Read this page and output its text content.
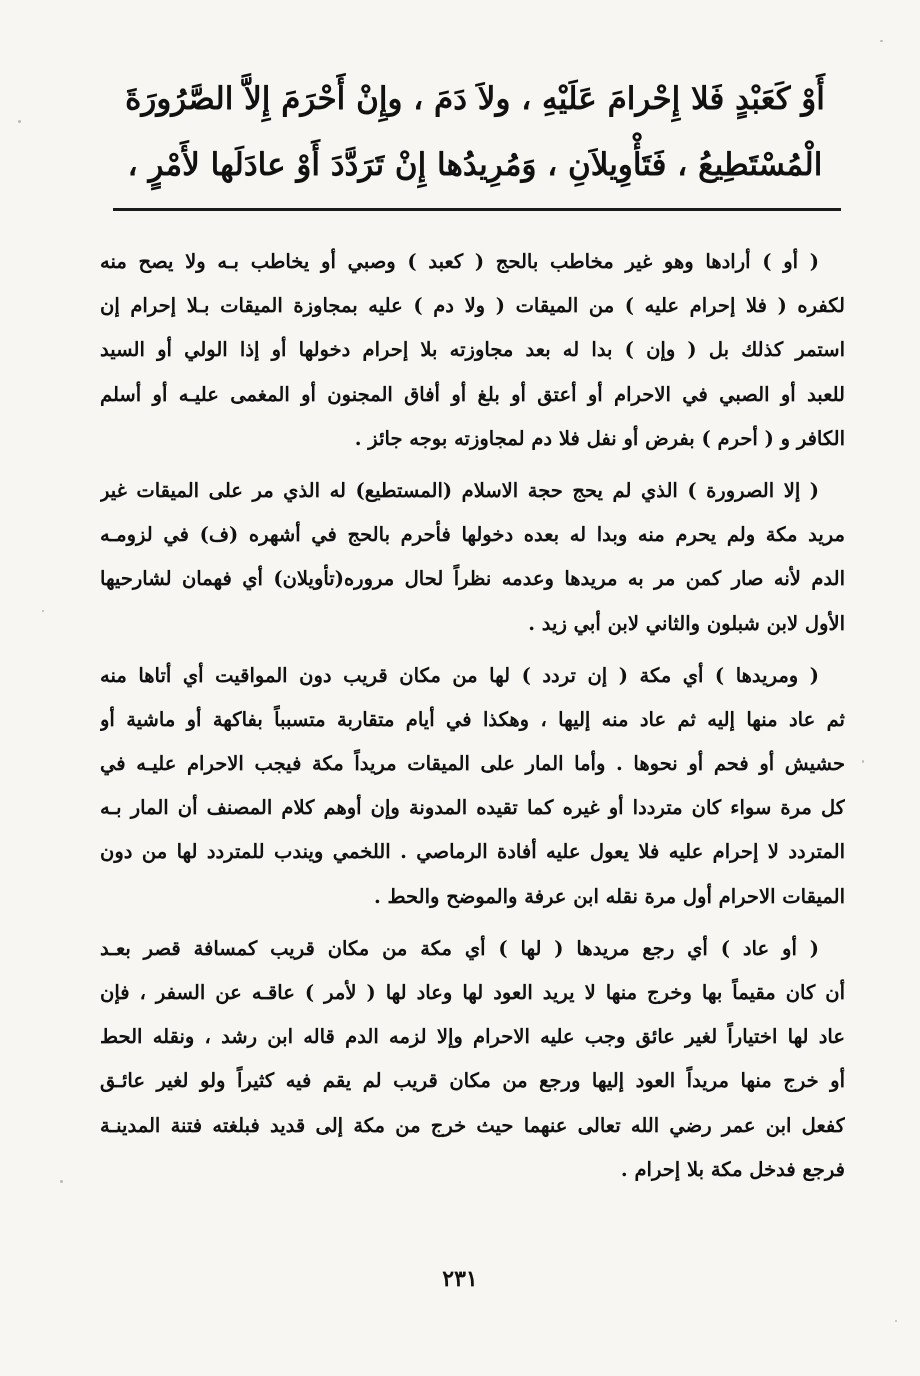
أَوْ كَعَبْدٍ فَلا إِحْرامَ عَلَيْهِ ، ولاَ دَمَ ، وإِنْ أَحْرَمَ إِلاَّ الصَّرُورَةَ
الْمُسْتَطِيعُ ، فَتَأْوِيلاَنِ ، وَمُرِيدُها إِنْ تَرَدَّدَ أَوْ عادَلَها لأَمْرٍ ،
( أو ) أرادها وهو غير مخاطب بالحج ( كعبد ) وصبي أو يخاطب بـه ولا يصح منه
لكفره ( فلا إحرام عليه ) من الميقات ( ولا دم ) عليه بمجاوزة الميقات بـلا إحرام إن
استمر كذلك بل ( وإن ) بدا له بعد مجاوزته بلا إحرام دخولها أو إذا الولي أو السيد
للعبد أو الصبي في الاحرام أو أعتق أو بلغ أو أفاق المجنون أو المغمى عليـه أو أسلم
الكافر و ( أحرم ) بفرض أو نفل فلا دم لمجاوزته بوجه جائز .
( إلا الصرورة ) الذي لم يحج حجة الاسلام (المستطيع) له الذي مر على الميقات غير
مريد مكة ولم يحرم منه وبدا له بعده دخولها فأحرم بالحج في أشهره (ف) في لزومـه
الدم لأنه صار كمن مر به مريدها وعدمه نظراً لحال مروره(تأويلان) أي فهمان لشارحيها
الأول لابن شبلون والثاني لابن أبي زيد .
( ومريدها ) أي مكة ( إن تردد ) لها من مكان قريب دون المواقيت أي أتاها منه
ثم عاد منها إليه ثم عاد منه إليها ، وهكذا في أيام متقاربة متسبباً بفاكهة أو ماشية أو
حشيش أو فحم أو نحوها . وأما المار على الميقات مريداً مكة فيجب الاحرام عليـه في
كل مرة سواء كان مترددا أو غيره كما تقيده المدونة وإن أوهم كلام المصنف أن المار بـه
المتردد لا إحرام عليه فلا يعول عليه أفادة الرماصي . اللخمي ويندب للمتردد لها من دون
الميقات الاحرام أول مرة نقله ابن عرفة والموضح والحط .
( أو عاد ) أي رجع مريدها ( لها ) أي مكة من مكان قريب كمسافة قصر بعـد
أن كان مقيماً بها وخرج منها لا يريد العود لها وعاد لها ( لأمر ) عاقـه عن السفر ، فإن
عاد لها اختياراً لغير عائق وجب عليه الاحرام وإلا لزمه الدم قاله ابن رشد ، ونقله الحط
أو خرج منها مريداً العود إليها ورجع من مكان قريب لم يقم فيه كثيراً ولو لغير عائـق
كفعل ابن عمر رضي الله تعالى عنهما حيث خرج من مكة إلى قديد فبلغته فتنة المدينـة
فرجع فدخل مكة بلا إحرام .
٢٣١
